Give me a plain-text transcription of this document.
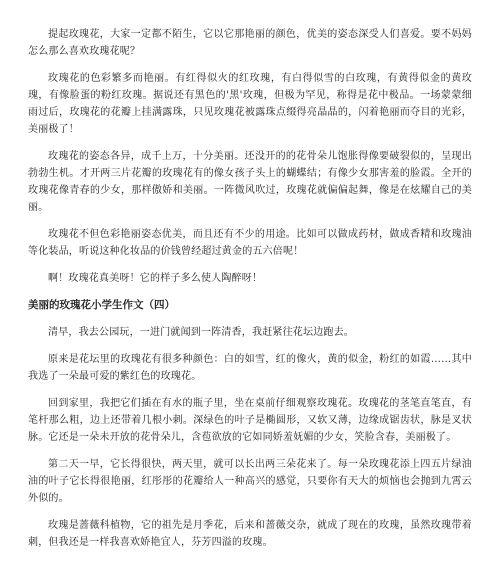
提起玫瑰花，大家一定都不陌生，它以它那艳丽的颜色，优美的姿态深受人们喜爱。要不妈妈怎么那么喜欢玫瑰花呢？

玫瑰花的色彩繁多而艳丽。有红得似火的红玫瑰，有白得似雪的白玫瑰，有黄得似金的黄玫瑰，有像脸蛋的粉红玫瑰。据说还有黑色的'黑'玫瑰，但极为罕见，称得是花中极品。一场蒙蒙细雨过后，玫瑰花的花瓣上挂满露珠，只见玫瑰花被露珠点缀得亮晶晶的，闪着艳丽而夺目的光彩，美丽极了！

玫瑰花的姿态各异，成千上万，十分美丽。还没开的的花骨朵儿饱胀得像要破裂似的，呈现出勃勃生机。才开两三片花瓣的玫瑰花有的像女孩子头上的蝴蝶结；有像少女那害羞的脸霞。全开的玫瑰花像青春的少女，那样傲娇和美丽。一阵微风吹过，玫瑰花就偏偏起舞，像是在炫耀自己的美丽。

玫瑰花不但色彩艳丽姿态优美，而且还有不少的用途。比如可以做成药材，做成香精和玫瑰油等化装品，听说这种化妆品的价钱曾经超过黄金的五六倍呢！

啊！玫瑰花真美呀！它的样子多么使人陶醉呀！

美丽的玫瑰花小学生作文（四）

清早，我去公园玩，一进门就闻到一阵清香，我赶紧往花坛边跑去。

原来是花坛里的玫瑰花有很多种颜色：白的如雪，红的像火，黄的似金，粉红的如霞……其中我选了一朵最可爱的紫红色的玫瑰花。

回到家里，我把它们插在有水的瓶子里，坐在桌前仔细观察玫瑰花。玫瑰花的茎笔直笔直，有笔杆那么粗，边上还带着几根小刺。深绿色的叶子是椭圆形，又软又薄，边缘成锯齿状，脉是叉状脉。它还是一朵未开放的花骨朵儿，含苞欲放的它如同娇羞妩媚的少女，笑脸含春，美丽极了。

第二天一早，它长得很快，两天里，就可以长出两三朵花来了。每一朵玫瑰花添上四五片绿油油的叶子它长得很艳丽，红彤彤的花瓣给人一种高兴的感觉，只要你有天大的烦恼也会抛到九霄云外似的。

玫瑰是蔷薇科植物，它的祖先是月季花，后来和蔷薇交杂，就成了现在的玫瑰，虽然玫瑰带着刺，但我还是一样我喜欢娇艳宜人，芬芳四溢的玫瑰。
